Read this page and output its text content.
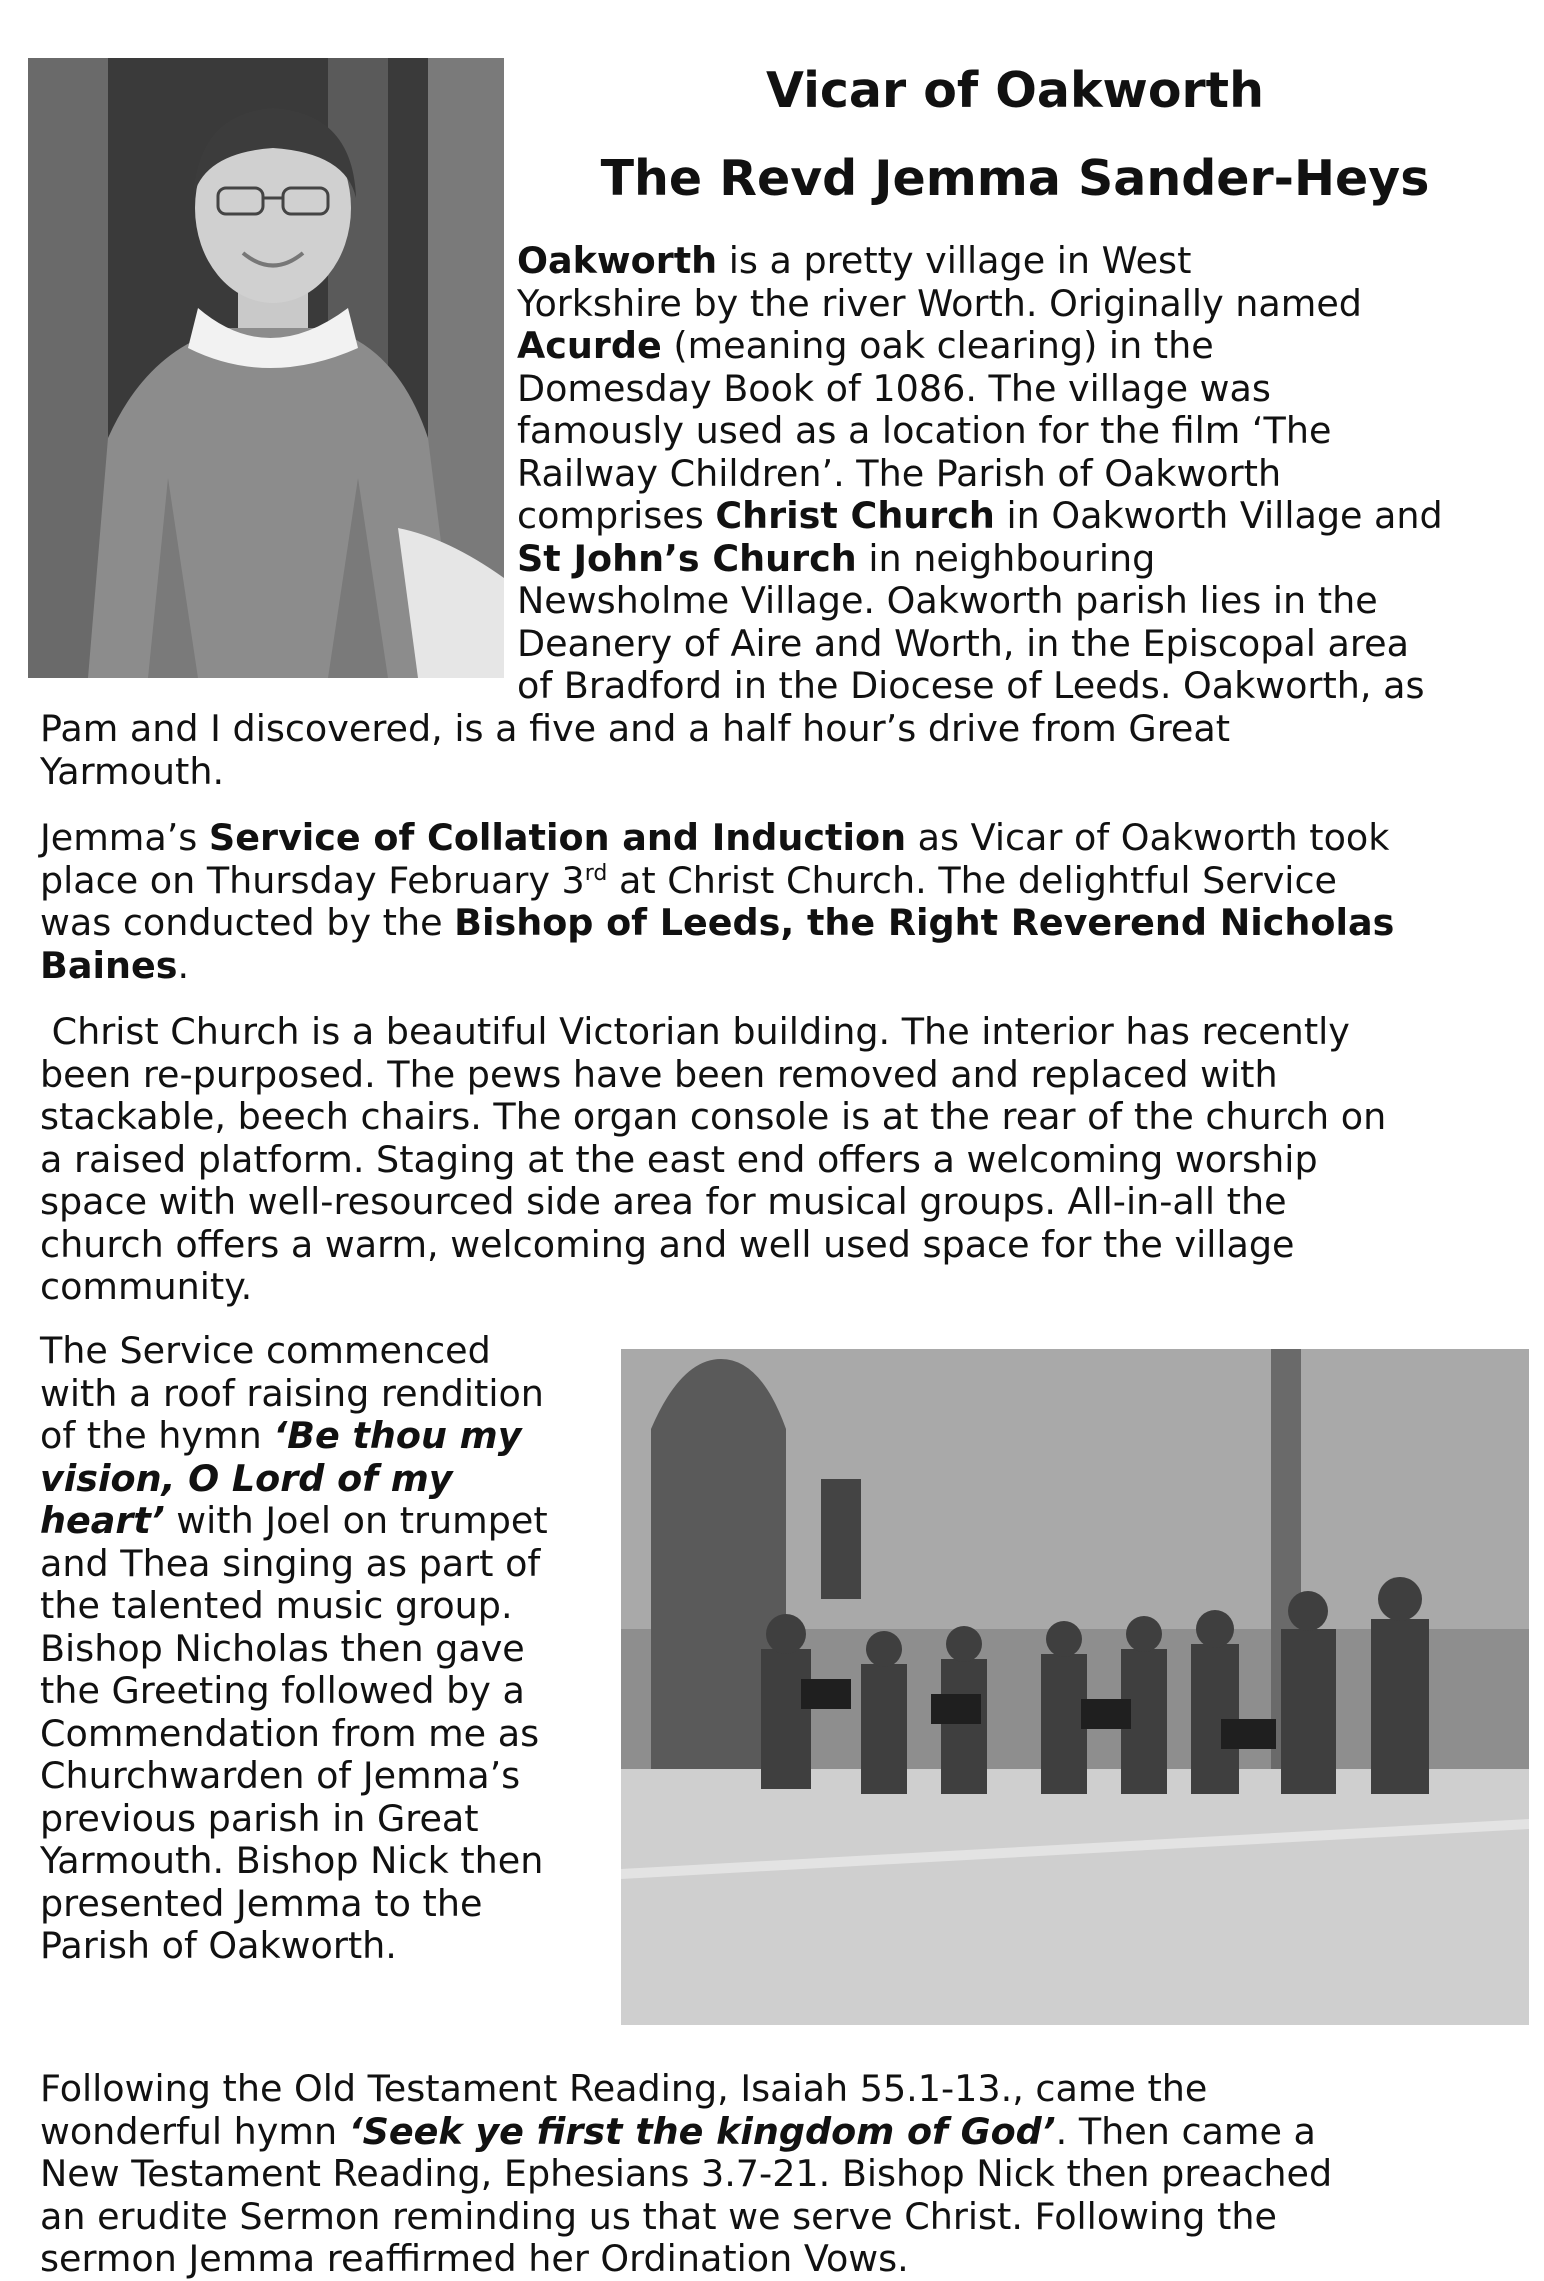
Vicar of Oakworth
The Revd Jemma Sander-Heys
Oakworth is a pretty village in West
Yorkshire by the river Worth. Originally named
Acurde (meaning oak clearing) in the
Domesday Book of 1086. The village was
famously used as a location for the film ‘The
Railway Children’. The Parish of Oakworth
comprises Christ Church in Oakworth Village and
St John’s Church in neighbouring
Newsholme Village. Oakworth parish lies in the
Deanery of Aire and Worth, in the Episcopal area
of Bradford in the Diocese of Leeds. Oakworth, as
Pam and I discovered, is a five and a half hour’s drive from Great
Yarmouth.
Jemma’s Service of Collation and Induction as Vicar of Oakworth took
place on Thursday February 3rd at Christ Church. The delightful Service
was conducted by the Bishop of Leeds, the Right Reverend Nicholas
Baines.
Christ Church is a beautiful Victorian building. The interior has recently
been re-purposed. The pews have been removed and replaced with
stackable, beech chairs. The organ console is at the rear of the church on
a raised platform. Staging at the east end offers a welcoming worship
space with well-resourced side area for musical groups. All-in-all the
church offers a warm, welcoming and well used space for the village
community.
The Service commenced
with a roof raising rendition
of the hymn ‘Be thou my
vision, O Lord of my
heart’ with Joel on trumpet
and Thea singing as part of
the talented music group.
Bishop Nicholas then gave
the Greeting followed by a
Commendation from me as
Churchwarden of Jemma’s
previous parish in Great
Yarmouth. Bishop Nick then
presented Jemma to the
Parish of Oakworth.
Following the Old Testament Reading, Isaiah 55.1-13., came the
wonderful hymn ‘Seek ye first the kingdom of God’. Then came a
New Testament Reading, Ephesians 3.7-21. Bishop Nick then preached
an erudite Sermon reminding us that we serve Christ. Following the
sermon Jemma reaffirmed her Ordination Vows.
